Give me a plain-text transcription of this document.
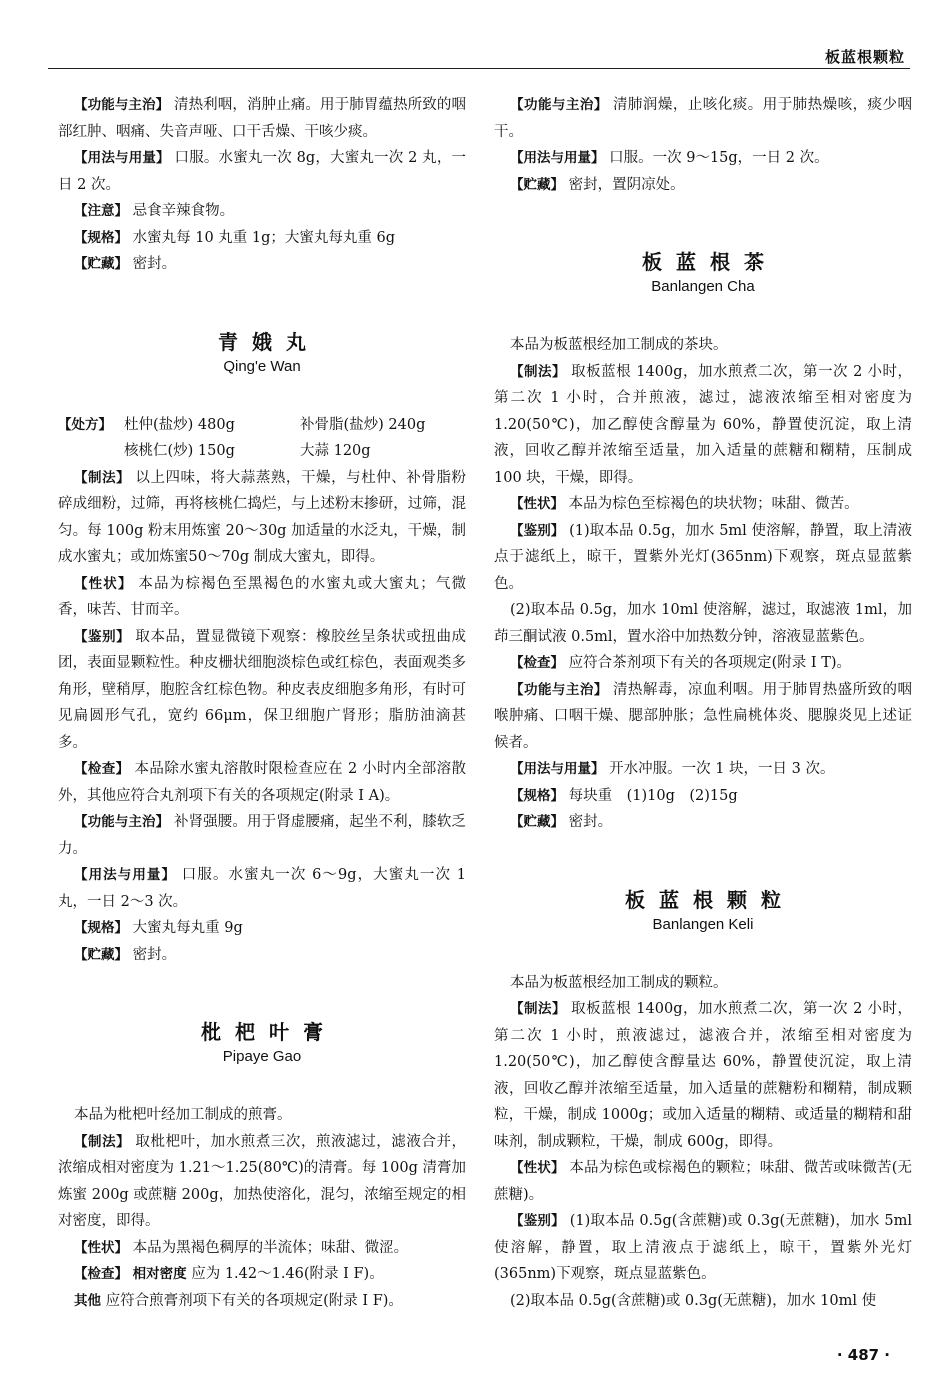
板蓝根颗粒

【功能与主治】 清热利咽，消肿止痛。用于肺胃蕴热所致的咽部红肿、咽痛、失音声哑、口干舌燥、干咳少痰。

【用法与用量】 口服。水蜜丸一次 8g，大蜜丸一次 2 丸，一日 2 次。

【注意】 忌食辛辣食物。

【规格】 水蜜丸每 10 丸重 1g；大蜜丸每丸重 6g

【贮藏】 密封。

青娥丸
Qing'e Wan
【处方】 杜仲(盐炒) 480g	补骨脂(盐炒) 240g
核桃仁(炒) 150g	大蒜 120g

【制法】 以上四味，将大蒜蒸熟，干燥，与杜仲、补骨脂粉碎成细粉，过筛，再将核桃仁捣烂，与上述粉末掺研，过筛，混匀。每 100g 粉末用炼蜜 20～30g 加适量的水泛丸，干燥，制成水蜜丸；或加炼蜜50～70g 制成大蜜丸，即得。

【性状】 本品为棕褐色至黑褐色的水蜜丸或大蜜丸；气微香，味苦、甘而辛。

【鉴别】 取本品，置显微镜下观察：橡胶丝呈条状或扭曲成团，表面显颗粒性。种皮栅状细胞淡棕色或红棕色，表面观类多角形，壁稍厚，胞腔含红棕色物。种皮表皮细胞多角形，有时可见扁圆形气孔，宽约 66μm，保卫细胞广肾形；脂肪油滴甚多。

【检查】 本品除水蜜丸溶散时限检查应在 2 小时内全部溶散外，其他应符合丸剂项下有关的各项规定(附录 Ⅰ A)。

【功能与主治】 补肾强腰。用于肾虚腰痛，起坐不利，膝软乏力。

【用法与用量】 口服。水蜜丸一次 6～9g，大蜜丸一次 1 丸，一日 2～3 次。

【规格】 大蜜丸每丸重 9g

【贮藏】 密封。

枇杷叶膏
Pipaye Gao

本品为枇杷叶经加工制成的煎膏。

【制法】 取枇杷叶，加水煎煮三次，煎液滤过，滤液合并，浓缩成相对密度为 1.21～1.25(80℃)的清膏。每 100g 清膏加炼蜜 200g 或蔗糖 200g，加热使溶化，混匀，浓缩至规定的相对密度，即得。

【性状】 本品为黑褐色稠厚的半流体；味甜、微涩。

【检查】 相对密度 应为 1.42～1.46(附录 Ⅰ F)。

其他 应符合煎膏剂项下有关的各项规定(附录 Ⅰ F)。

【功能与主治】 清肺润燥，止咳化痰。用于肺热燥咳，痰少咽干。

【用法与用量】 口服。一次 9～15g，一日 2 次。

【贮藏】 密封，置阴凉处。

板蓝根茶
Banlangen Cha

本品为板蓝根经加工制成的茶块。

【制法】 取板蓝根 1400g，加水煎煮二次，第一次 2 小时，第二次 1 小时，合并煎液，滤过，滤液浓缩至相对密度为 1.20(50℃)，加乙醇使含醇量为 60%，静置使沉淀，取上清液，回收乙醇并浓缩至适量，加入适量的蔗糖和糊精，压制成 100 块，干燥，即得。

【性状】 本品为棕色至棕褐色的块状物；味甜、微苦。

【鉴别】 (1)取本品 0.5g，加水 5ml 使溶解，静置，取上清液点于滤纸上，晾干，置紫外光灯(365nm)下观察，斑点显蓝紫色。

(2)取本品 0.5g，加水 10ml 使溶解，滤过，取滤液 1ml，加茚三酮试液 0.5ml，置水浴中加热数分钟，溶液显蓝紫色。

【检查】 应符合茶剂项下有关的各项规定(附录 Ⅰ T)。

【功能与主治】 清热解毒，凉血利咽。用于肺胃热盛所致的咽喉肿痛、口咽干燥、腮部肿胀；急性扁桃体炎、腮腺炎见上述证候者。

【用法与用量】 开水冲服。一次 1 块，一日 3 次。

【规格】 每块重　(1)10g　(2)15g

【贮藏】 密封。

板蓝根颗粒
Banlangen Keli

本品为板蓝根经加工制成的颗粒。

【制法】 取板蓝根 1400g，加水煎煮二次，第一次 2 小时，第二次 1 小时，煎液滤过，滤液合并，浓缩至相对密度为 1.20(50℃)，加乙醇使含醇量达 60%，静置使沉淀，取上清液，回收乙醇并浓缩至适量，加入适量的蔗糖粉和糊精，制成颗粒，干燥，制成 1000g；或加入适量的糊精、或适量的糊精和甜味剂，制成颗粒，干燥，制成 600g，即得。

【性状】 本品为棕色或棕褐色的颗粒；味甜、微苦或味微苦(无蔗糖)。

【鉴别】 (1)取本品 0.5g(含蔗糖)或 0.3g(无蔗糖)，加水 5ml 使溶解，静置，取上清液点于滤纸上，晾干，置紫外光灯(365nm)下观察，斑点显蓝紫色。

(2)取本品 0.5g(含蔗糖)或 0.3g(无蔗糖)，加水 10ml 使

· 487 ·
